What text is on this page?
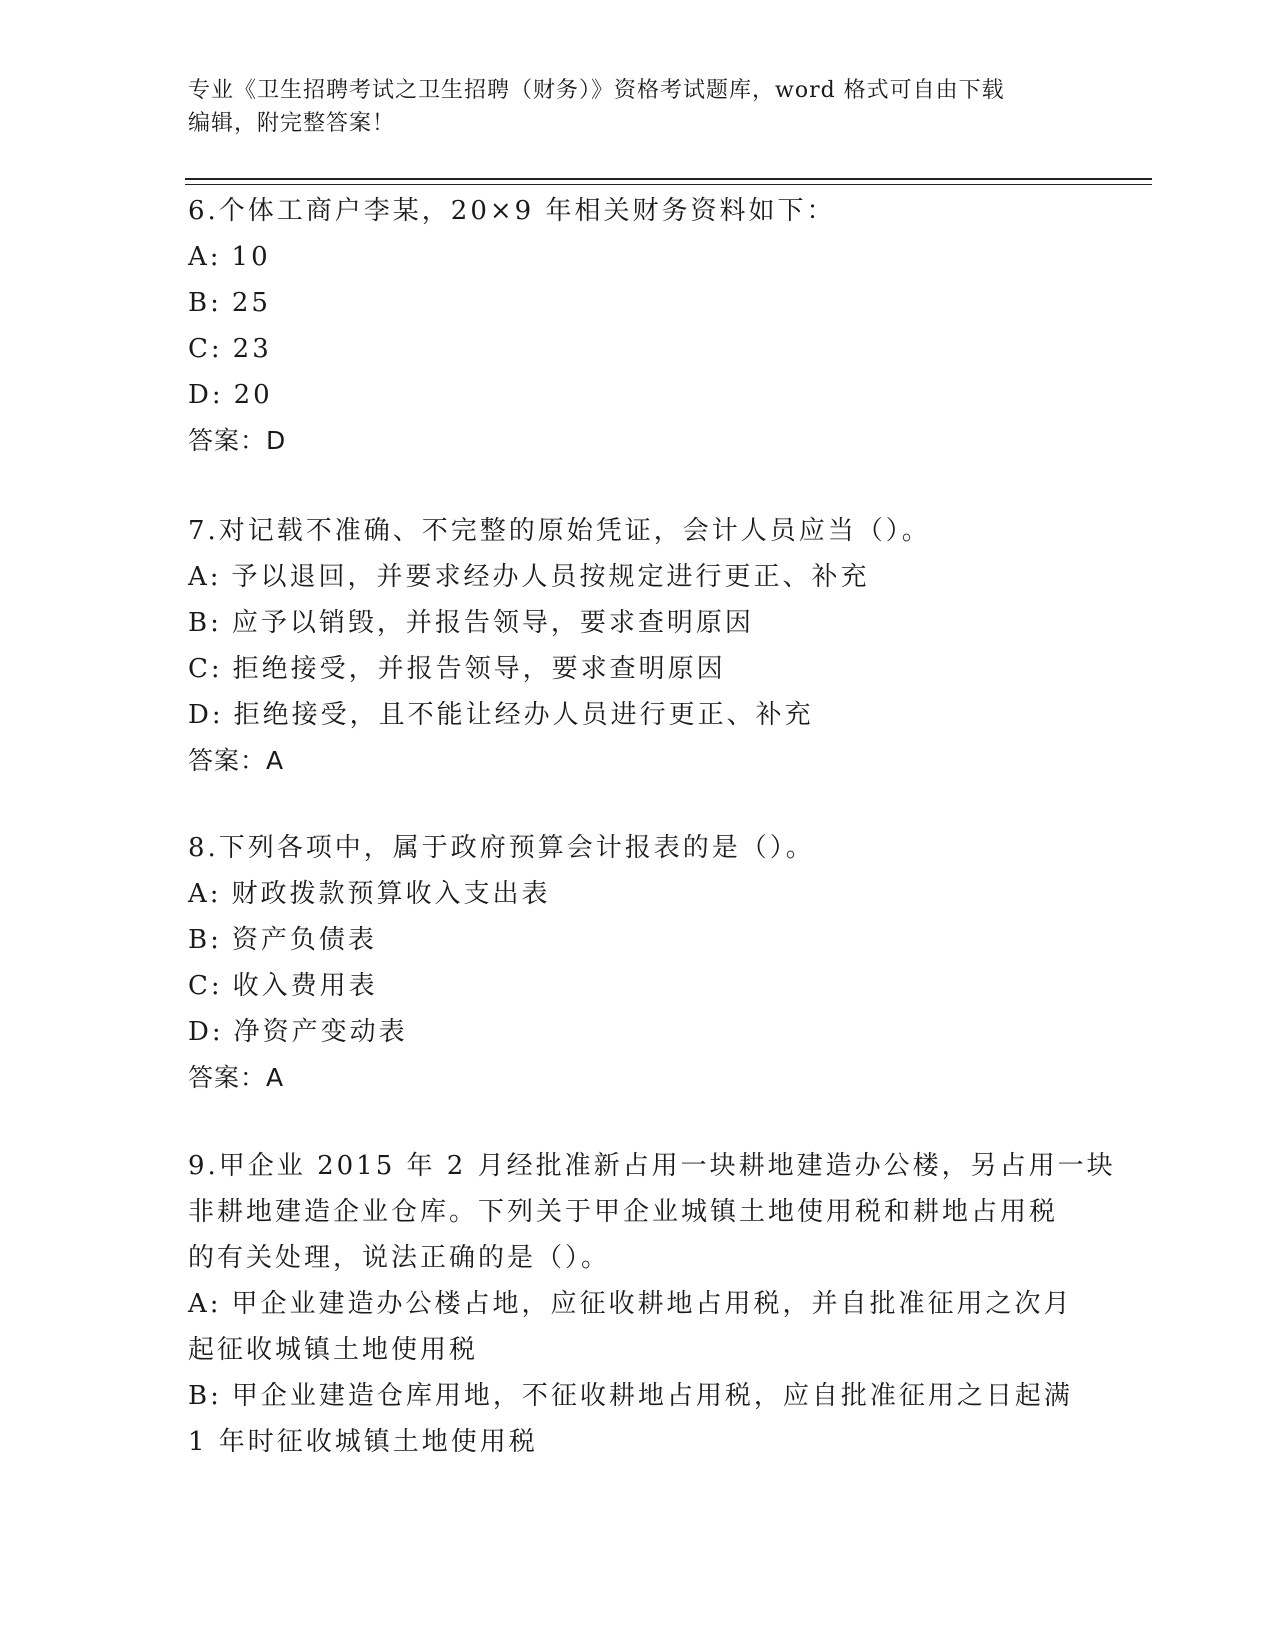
专业《卫生招聘考试之卫生招聘（财务）》资格考试题库，word 格式可自由下载
编辑，附完整答案！
6.个体工商户李某，20×9 年相关财务资料如下：
A: 10
B: 25
C: 23
D: 20
答案：D
7.对记载不准确、不完整的原始凭证，会计人员应当（）。
A: 予以退回，并要求经办人员按规定进行更正、补充
B: 应予以销毁，并报告领导，要求查明原因
C: 拒绝接受，并报告领导，要求查明原因
D: 拒绝接受，且不能让经办人员进行更正、补充
答案：A
8.下列各项中，属于政府预算会计报表的是（）。
A: 财政拨款预算收入支出表
B: 资产负债表
C: 收入费用表
D: 净资产变动表
答案：A
9.甲企业 2015 年 2 月经批准新占用一块耕地建造办公楼，另占用一块
非耕地建造企业仓库。下列关于甲企业城镇土地使用税和耕地占用税
的有关处理，说法正确的是（）。
A: 甲企业建造办公楼占地，应征收耕地占用税，并自批准征用之次月
起征收城镇土地使用税
B: 甲企业建造仓库用地，不征收耕地占用税，应自批准征用之日起满
1 年时征收城镇土地使用税
